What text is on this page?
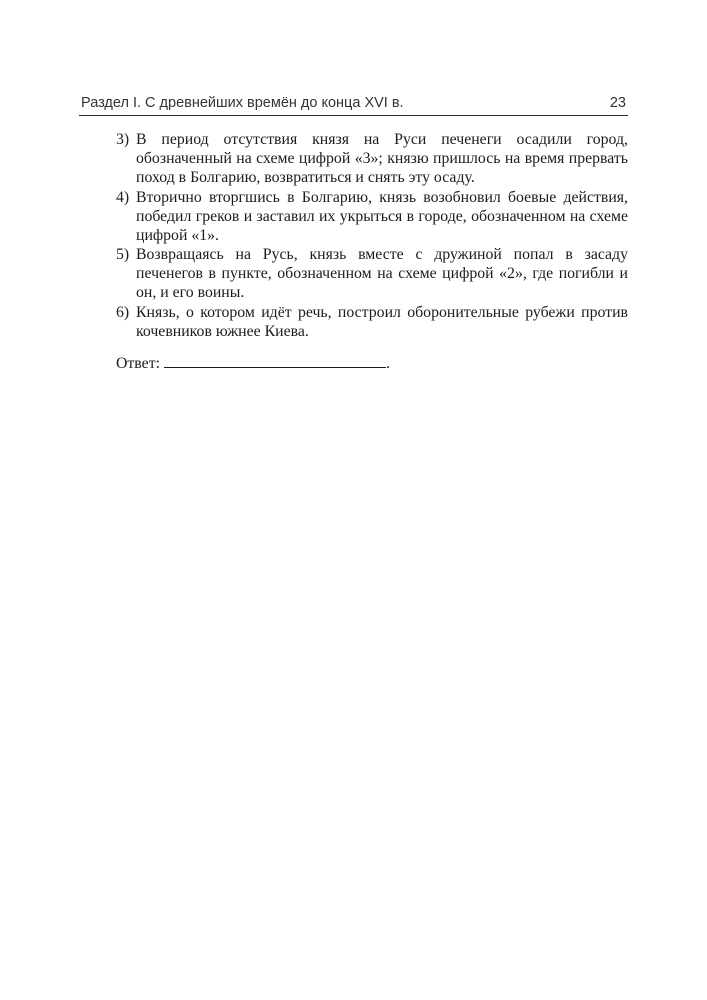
Раздел I. С древнейших времён до конца XVI в.	23
3) В период отсутствия князя на Руси печенеги осадили город, обозначенный на схеме цифрой «3»; князю пришлось на время прервать поход в Болгарию, возвратиться и снять эту осаду.
4) Вторично вторгшись в Болгарию, князь возобновил боевые действия, победил греков и заставил их укрыться в городе, обозначенном на схеме цифрой «1».
5) Возвращаясь на Русь, князь вместе с дружиной попал в засаду печенегов в пункте, обозначенном на схеме цифрой «2», где погибли и он, и его воины.
6) Князь, о котором идёт речь, построил оборонительные рубежи против кочевников южнее Киева.
Ответ:	.
